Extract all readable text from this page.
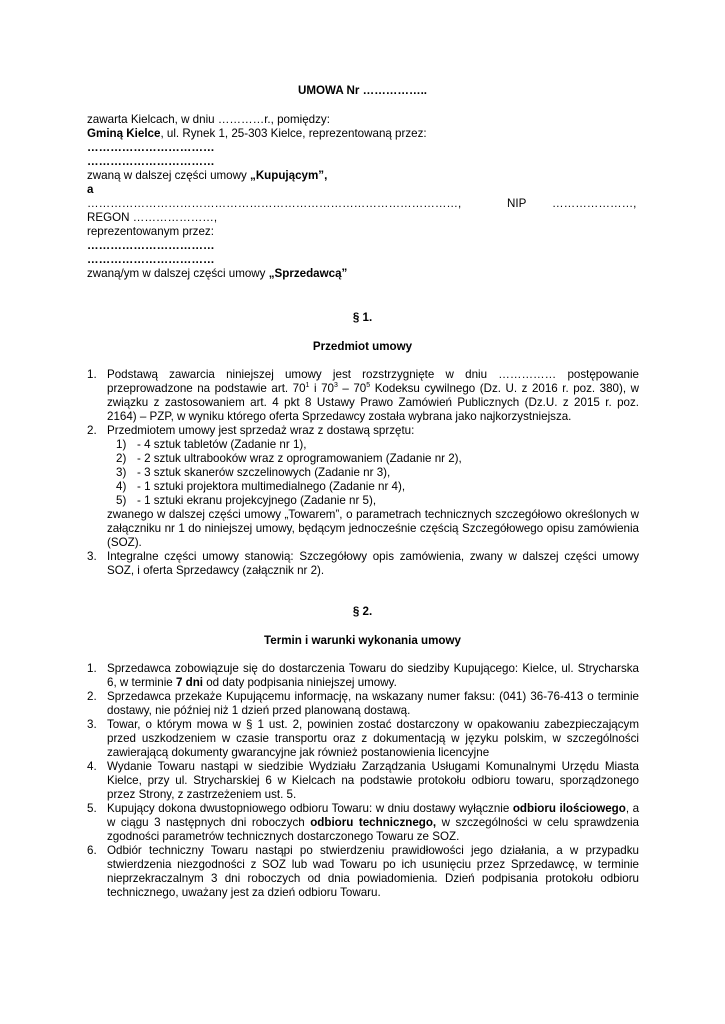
UMOWA Nr ……………..
zawarta Kielcach, w dniu …………r., pomiędzy:
Gminą Kielce, ul. Rynek 1, 25-303 Kielce, reprezentowaną przez:
……………………………
……………………………
zwaną w dalszej części umowy „Kupującym”,
a
……………………………………………………………………………………,	NIP …………………,
REGON …………………,
reprezentowanym przez:
……………………………
……………………………
zwaną/ym w dalszej części umowy „Sprzedawcą”
§ 1.
Przedmiot umowy
1. Podstawą zawarcia niniejszej umowy jest rozstrzygnięte w dniu …………… postępowanie przeprowadzone na podstawie art. $70^1$ i $70^3 - 70^5$ Kodeksu cywilnego (Dz. U. z 2016 r. poz. 380), w związku z zastosowaniem art. 4 pkt 8 Ustawy Prawo Zamówień Publicznych (Dz.U. z 2015 r. poz. 2164) – PZP, w wyniku którego oferta Sprzedawcy została wybrana jako najkorzystniejsza.
2. Przedmiotem umowy jest sprzedaż wraz z dostawą sprzętu:
1) - 4 sztuk tabletów (Zadanie nr 1),
2) - 2 sztuk ultrabooków wraz z oprogramowaniem (Zadanie nr 2),
3) - 3 sztuk skanerów szczelinowych (Zadanie nr 3),
4) - 1 sztuki projektora multimedialnego (Zadanie nr 4),
5) - 1 sztuki ekranu projekcyjnego (Zadanie nr 5),
zwanego w dalszej części umowy „Towarem”, o parametrach technicznych szczegółowo określonych w załączniku nr 1 do niniejszej umowy, będącym jednocześnie częścią Szczegółowego opisu zamówienia (SOZ).
3. Integralne części umowy stanowią: Szczegółowy opis zamówienia, zwany w dalszej części umowy SOZ, i oferta Sprzedawcy (załącznik nr 2).
§ 2.
Termin i warunki wykonania umowy
1. Sprzedawca zobowiązuje się do dostarczenia Towaru do siedziby Kupującego: Kielce, ul. Strycharska 6, w terminie 7 dni od daty podpisania niniejszej umowy.
2. Sprzedawca przekaże Kupującemu informację, na wskazany numer faksu: (041) 36-76-413 o terminie dostawy, nie później niż 1 dzień przed planowaną dostawą.
3. Towar, o którym mowa w § 1 ust. 2, powinien zostać dostarczony w opakowaniu zabezpieczającym przed uszkodzeniem w czasie transportu oraz z dokumentacją w języku polskim, w szczególności zawierającą dokumenty gwarancyjne jak również postanowienia licencyjne
4. Wydanie Towaru nastąpi w siedzibie Wydziału Zarządzania Usługami Komunalnymi Urzędu Miasta Kielce, przy ul. Strycharskiej 6 w Kielcach na podstawie protokołu odbioru towaru, sporządzonego przez Strony, z zastrzeżeniem ust. 5.
5. Kupujący dokona dwustopniowego odbioru Towaru: w dniu dostawy wyłącznie odbioru ilościowego, a w ciągu 3 następnych dni roboczych odbioru technicznego, w szczególności w celu sprawdzenia zgodności parametrów technicznych dostarczonego Towaru ze SOZ.
6. Odbiór techniczny Towaru nastąpi po stwierdzeniu prawidłowości jego działania, a w przypadku stwierdzenia niezgodności z SOZ lub wad Towaru po ich usunięciu przez Sprzedawcę, w terminie nieprzekraczalnym 3 dni roboczych od dnia powiadomienia. Dzień podpisania protokołu odbioru technicznego, uważany jest za dzień odbioru Towaru.
